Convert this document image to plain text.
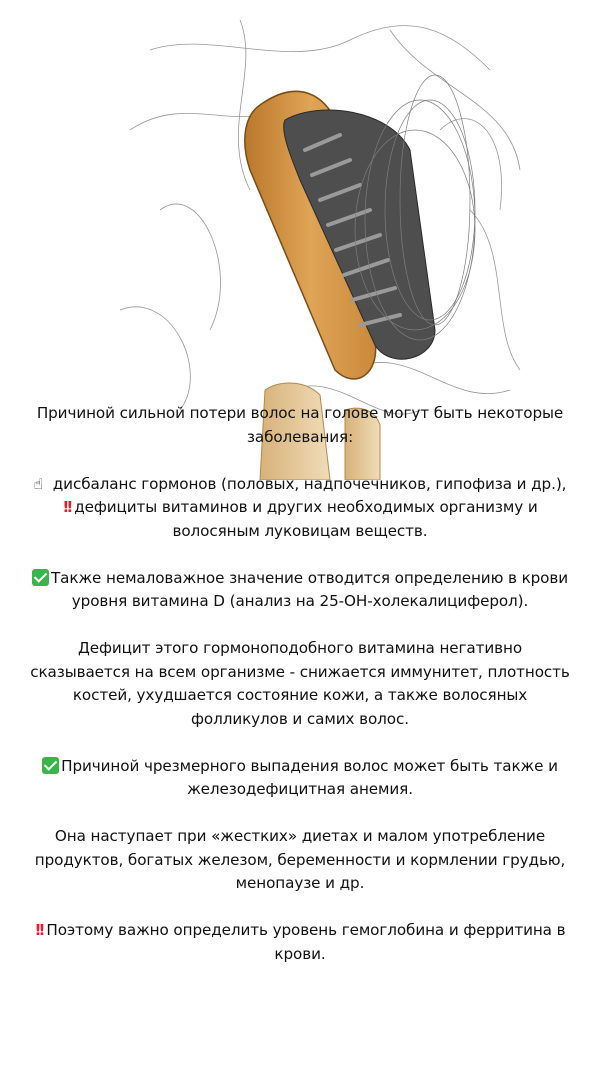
Причиной сильной потери волос на голове могут быть некоторые заболевания:

☝ дисбаланс гормонов (половых, надпочечников, гипофиза и др.),

!! дефициты витаминов и других необходимых организму и волосяным луковицам веществ.

Также немаловажное значение отводится определению в крови уровня витамина D (анализ на 25-ОН-холекалициферол).

Дефицит этого гормоноподобного витамина негативно сказывается на всем организме - снижается иммунитет, плотность костей, ухудшается состояние кожи, а также волосяных фолликулов и самих волос.

Причиной чрезмерного выпадения волос может быть также и железодефицитная анемия.

Она наступает при «жестких» диетах и малом употребление продуктов, богатых железом, беременности и кормлении грудью, менопаузе и др.

!! Поэтому важно определить уровень гемоглобина и ферритина в крови.
